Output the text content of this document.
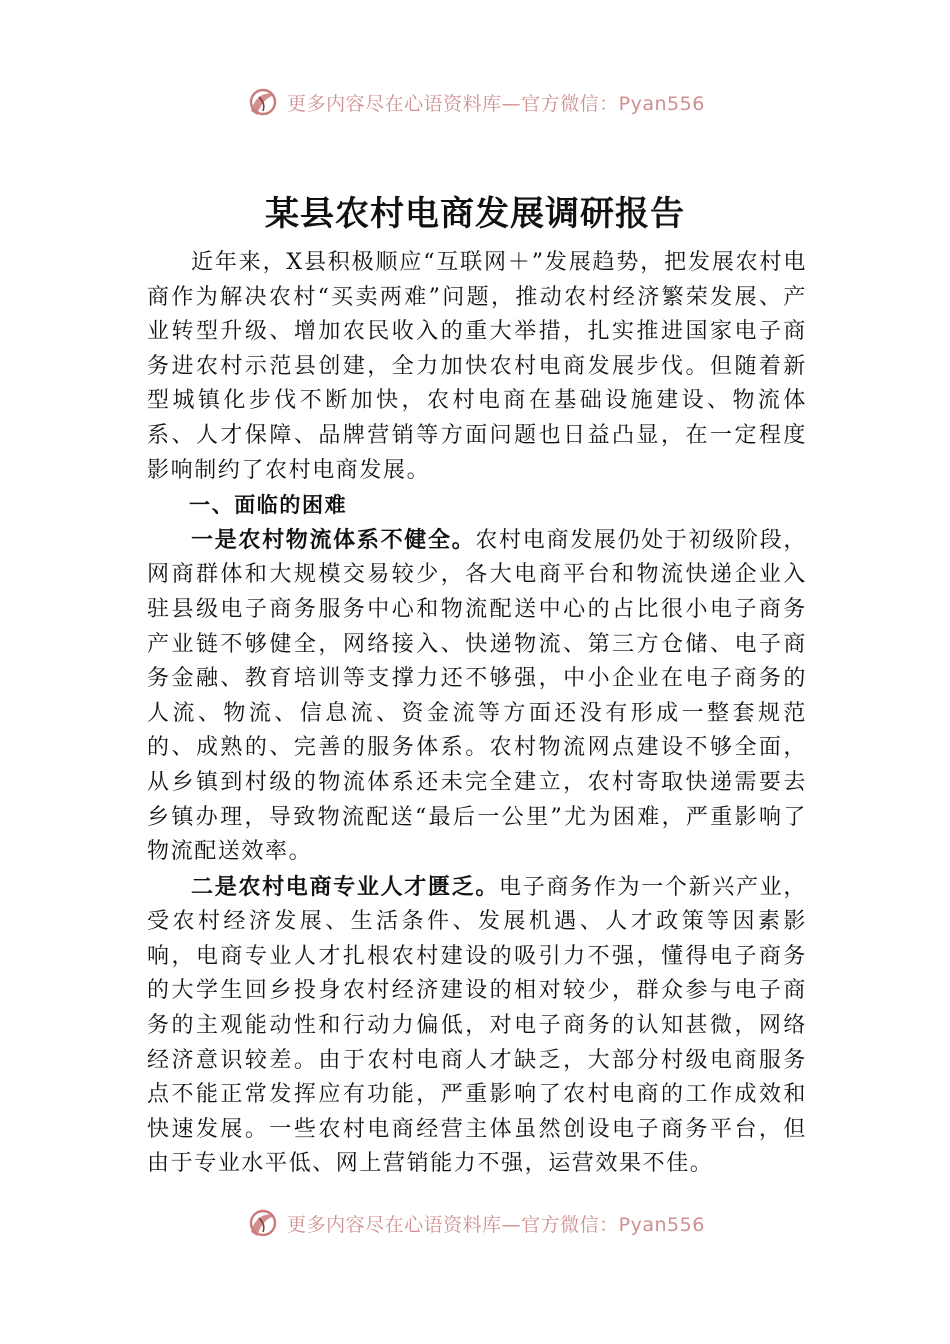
更多内容尽在心语资料库—官方微信：Pyan556
某县农村电商发展调研报告

近年来，X县积极顺应“互联网＋”发展趋势，把发展农村电商作为解决农村“买卖两难”问题，推动农村经济繁荣发展、产业转型升级、增加农民收入的重大举措，扎实推进国家电子商务进农村示范县创建，全力加快农村电商发展步伐。但随着新型城镇化步伐不断加快，农村电商在基础设施建设、物流体系、人才保障、品牌营销等方面问题也日益凸显，在一定程度影响制约了农村电商发展。

一、面临的困难

一是农村物流体系不健全。农村电商发展仍处于初级阶段，网商群体和大规模交易较少，各大电商平台和物流快递企业入驻县级电子商务服务中心和物流配送中心的占比很小电子商务产业链不够健全，网络接入、快递物流、第三方仓储、电子商务金融、教育培训等支撑力还不够强，中小企业在电子商务的人流、物流、信息流、资金流等方面还没有形成一整套规范的、成熟的、完善的服务体系。农村物流网点建设不够全面，从乡镇到村级的物流体系还未完全建立，农村寄取快递需要去乡镇办理，导致物流配送“最后一公里”尤为困难，严重影响了物流配送效率。

二是农村电商专业人才匮乏。电子商务作为一个新兴产业，受农村经济发展、生活条件、发展机遇、人才政策等因素影响，电商专业人才扎根农村建设的吸引力不强，懂得电子商务的大学生回乡投身农村经济建设的相对较少，群众参与电子商务的主观能动性和行动力偏低，对电子商务的认知甚微，网络经济意识较差。由于农村电商人才缺乏，大部分村级电商服务点不能正常发挥应有功能，严重影响了农村电商的工作成效和快速发展。一些农村电商经营主体虽然创设电子商务平台，但由于专业水平低、网上营销能力不强，运营效果不佳。

更多内容尽在心语资料库—官方微信：Pyan556
